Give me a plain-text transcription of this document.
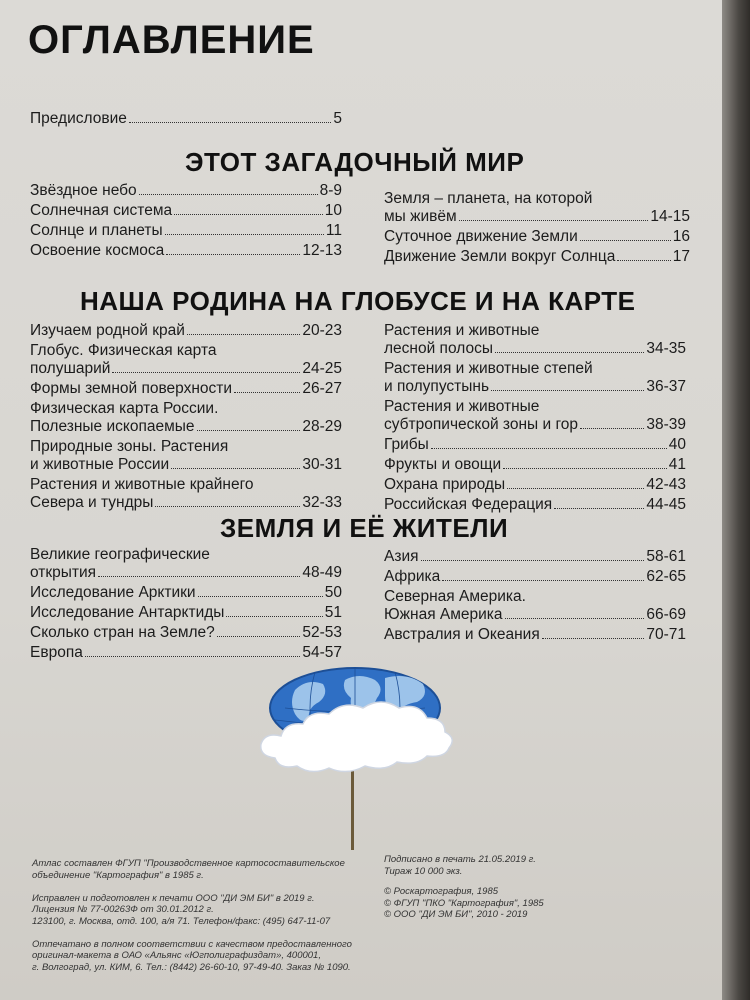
ОГЛАВЛЕНИЕ
Предисловие	5
ЭТОТ ЗАГАДОЧНЫЙ МИР
НАША РОДИНА НА ГЛОБУСЕ И НА КАРТЕ
ЗЕМЛЯ И ЕЁ ЖИТЕЛИ
Звёздное небо	8-9
Солнечная система	10
Солнце и планеты	11
Освоение космоса	12-13
Земля – планета, на которой
мы живём	14-15
Суточное движение Земли	16
Движение Земли вокруг Солнца	17
Изучаем родной край	20-23
Глобус. Физическая карта
полушарий	24-25
Формы земной поверхности	26-27
Физическая карта России.
Полезные ископаемые	28-29
Природные зоны. Растения
и животные России	30-31
Растения и животные крайнего
Севера и тундры	32-33
Растения и животные
лесной полосы	34-35
Растения и животные степей
и полупустынь	36-37
Растения и животные
субтропической зоны и гор	38-39
Грибы	40
Фрукты и овощи	41
Охрана природы	42-43
Российская Федерация	44-45
Великие географические
открытия	48-49
Исследование Арктики	50
Исследование Антарктиды	51
Сколько стран на Земле?	52-53
Европа	54-57
Азия	58-61
Африка	62-65
Северная Америка.
Южная Америка	66-69
Австралия и Океания	70-71
Атлас составлен ФГУП "Производственное картосоставительское
объединение "Картография" в 1985 г.

Исправлен и подготовлен к печати ООО "ДИ ЭМ БИ" в 2019 г.
Лицензия № 77-00263Ф от 30.01.2012 г.
123100, г. Москва, отд. 100, а/я 71. Телефон/факс: (495) 647-11-07

Отпечатано в полном соответствии с качеством предоставленного
оригинал-макета в ОАО «Альянс «Югполиграфиздат», 400001,
г. Волгоград, ул. КИМ, 6. Тел.: (8442) 26-60-10, 97-49-40. Заказ № 1090.
Подписано в печать 21.05.2019 г.
Тираж 10 000 экз.
© Роскартография, 1985
© ФГУП "ПКО "Картография", 1985
© ООО "ДИ ЭМ БИ", 2010 - 2019
